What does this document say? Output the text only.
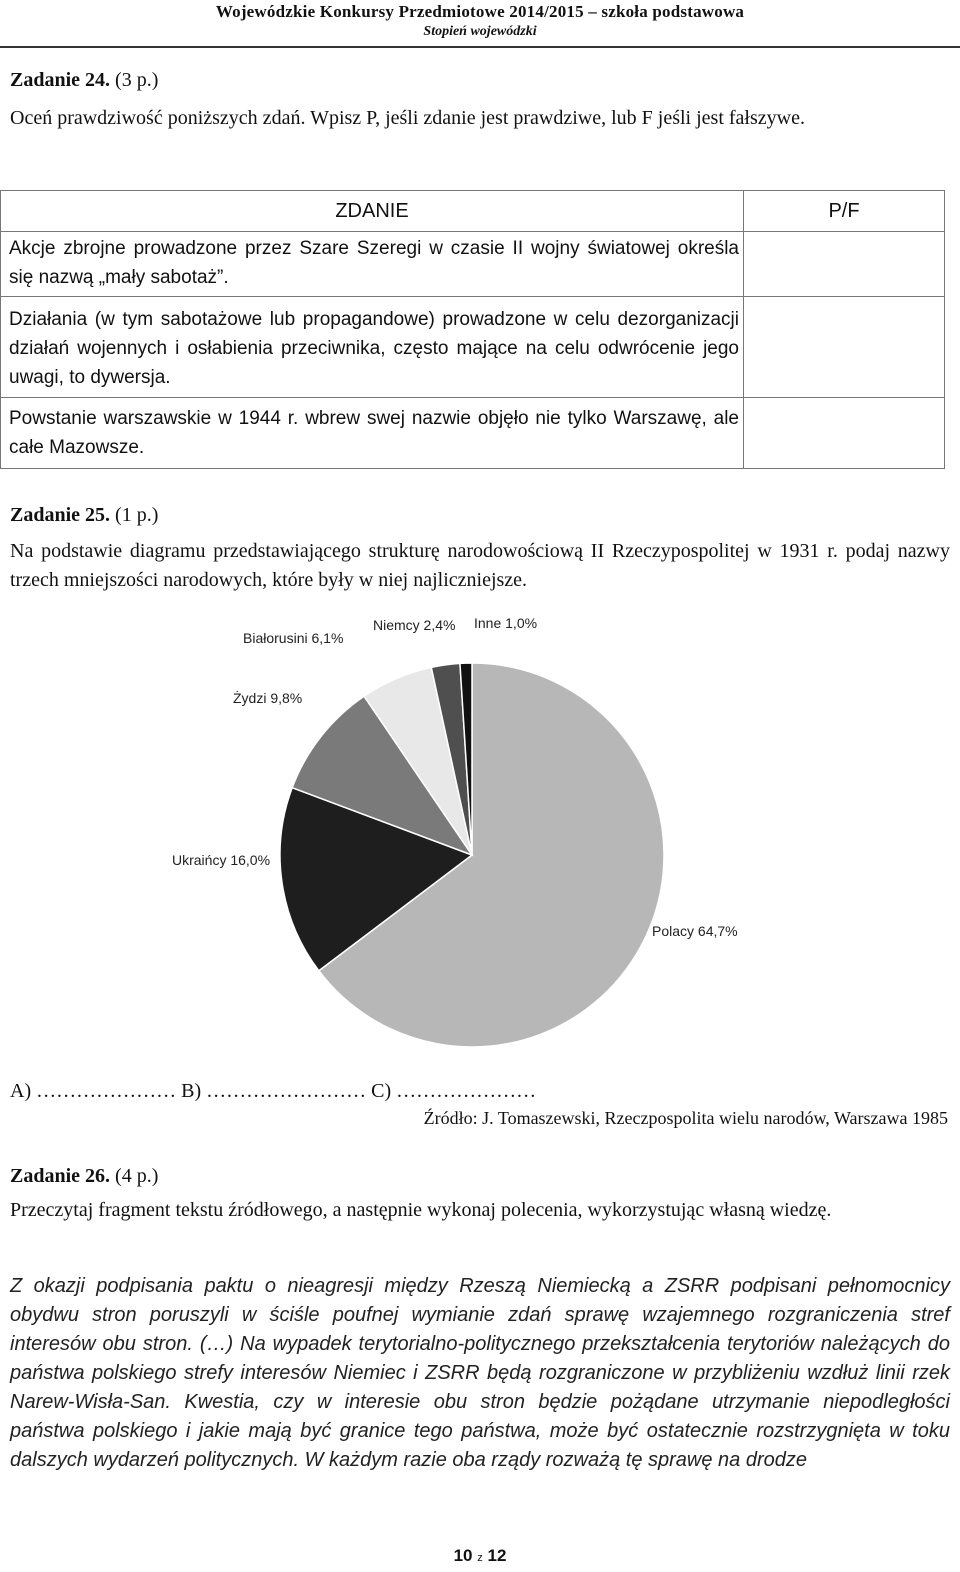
Wojewódzkie Konkursy Przedmiotowe 2014/2015 – szkoła podstawowa
Stopień wojewódzki
Zadanie 24. (3 p.)
Oceń prawdziwość poniższych zdań. Wpisz P, jeśli zdanie jest prawdziwe, lub F jeśli jest fałszywe.
ZDANIE	P/F

Akcje zbrojne prowadzone przez Szare Szeregi w czasie II wojny światowej określa się nazwą „mały sabotaż”.	

Działania (w tym sabotażowe lub propagandowe) prowadzone w celu dezorganizacji działań wojennych i osłabienia przeciwnika, często mające na celu odwrócenie jego uwagi, to dywersja.	

Powstanie warszawskie w 1944 r. wbrew swej nazwie objęło nie tylko Warszawę, ale całe Mazowsze.	

Zadanie 25. (1 p.)
Na podstawie diagramu przedstawiającego strukturę narodowościową II Rzeczypospolitej w 1931 r. podaj nazwy trzech mniejszości narodowych, które były w niej najliczniejsze.
Polacy 64,7%
Ukraińcy 16,0%
Żydzi 9,8%
Białorusini 6,1%
Niemcy 2,4% Inne 1,0%
A) ………………… B) …………………… C) …………………
Źródło: J. Tomaszewski, Rzeczpospolita wielu narodów, Warszawa 1985
Zadanie 26. (4 p.)
Przeczytaj fragment tekstu źródłowego, a następnie wykonaj polecenia, wykorzystując własną wiedzę.

Z okazji podpisania paktu o nieagresji między Rzeszą Niemiecką a ZSRR podpisani pełnomocnicy obydwu stron poruszyli w ściśle poufnej wymianie zdań sprawę wzajemnego rozgraniczenia stref interesów obu stron. (…) Na wypadek terytorialno-politycznego przekształcenia terytoriów należących do państwa polskiego strefy interesów Niemiec i ZSRR będą rozgraniczone w przybliżeniu wzdłuż linii rzek Narew-Wisła-San. Kwestia, czy w interesie obu stron będzie pożądane utrzymanie niepodległości państwa polskiego i jakie mają być granice tego państwa, może być ostatecznie rozstrzygnięta w toku dalszych wydarzeń politycznych. W każdym razie oba rządy rozważą tę sprawę na drodze

10 z 12
